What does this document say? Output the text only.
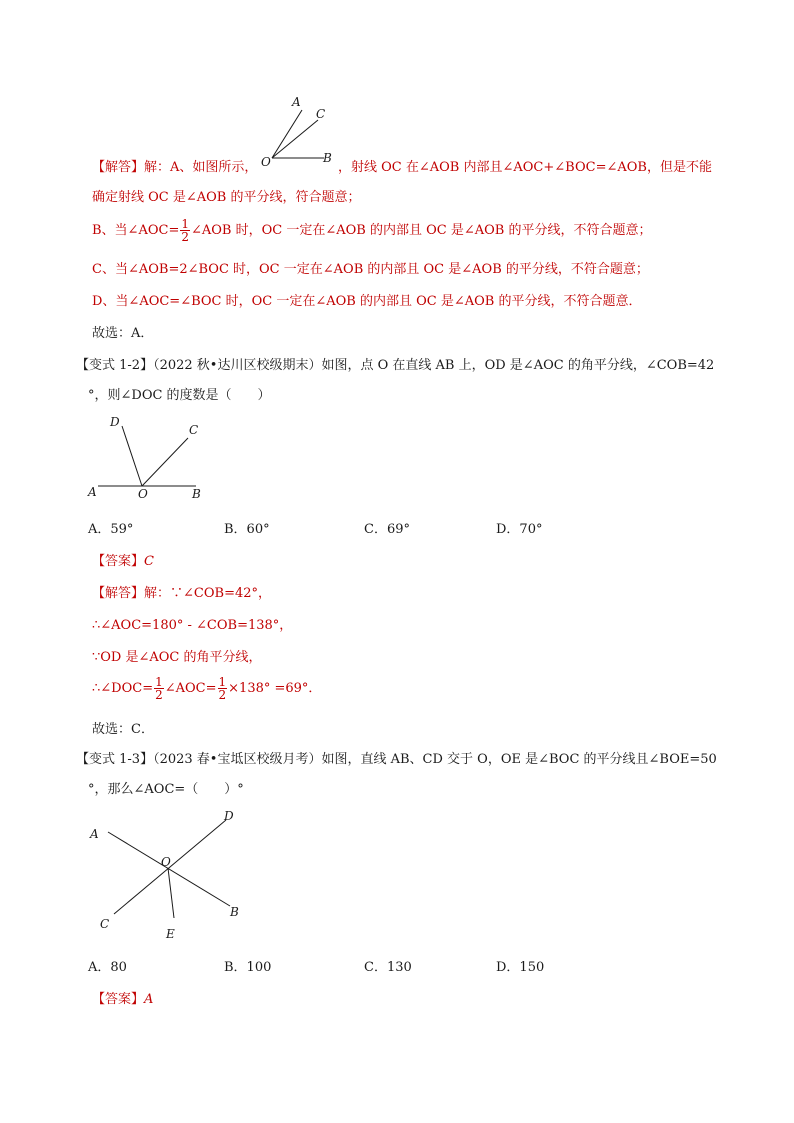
A
C
O	B
【解答】解：A、如图所示，	，射线 OC 在∠AOB 内部且∠AOC+∠BOC=∠AOB，但是不能
确定射线 OC 是∠AOB 的平分线，符合题意；
B、当∠AOC= $\frac{1}{2}$ ∠AOB 时，OC 一定在∠AOB 的内部且 OC 是∠AOB 的平分线，不符合题意；
C、当∠AOB=2∠BOC 时，OC 一定在∠AOB 的内部且 OC 是∠AOB 的平分线，不符合题意；
D、当∠AOC=∠BOC 时，OC 一定在∠AOB 的内部且 OC 是∠AOB 的平分线，不符合题意．
故选：A．
【变式 1-2】（2022 秋•达川区校级期末）如图，点 O 在直线 AB 上，OD 是∠AOC 的角平分线，∠COB=42
°，则∠DOC 的度数是（　　）
D
C
A	O	B
A．59°	B．60°	C．69°	D．70°
【答案】C
【解答】解：∵∠COB=42°，
∴∠AOC=180° - ∠COB=138°，
∵OD 是∠AOC 的角平分线，
∴∠DOC= $\frac{1}{2}$ ∠AOC= $\frac{1}{2} \times 138^\circ =69^\circ$．
故选：C．
【变式 1-3】（2023 春•宝坻区校级月考）如图，直线 AB、CD 交于 O，OE 是∠BOC 的平分线且∠BOE=50
°，那么∠AOC=（　　）°
A
D
O
C
E
B
A．80	B．100	C．130	D．150
【答案】A
